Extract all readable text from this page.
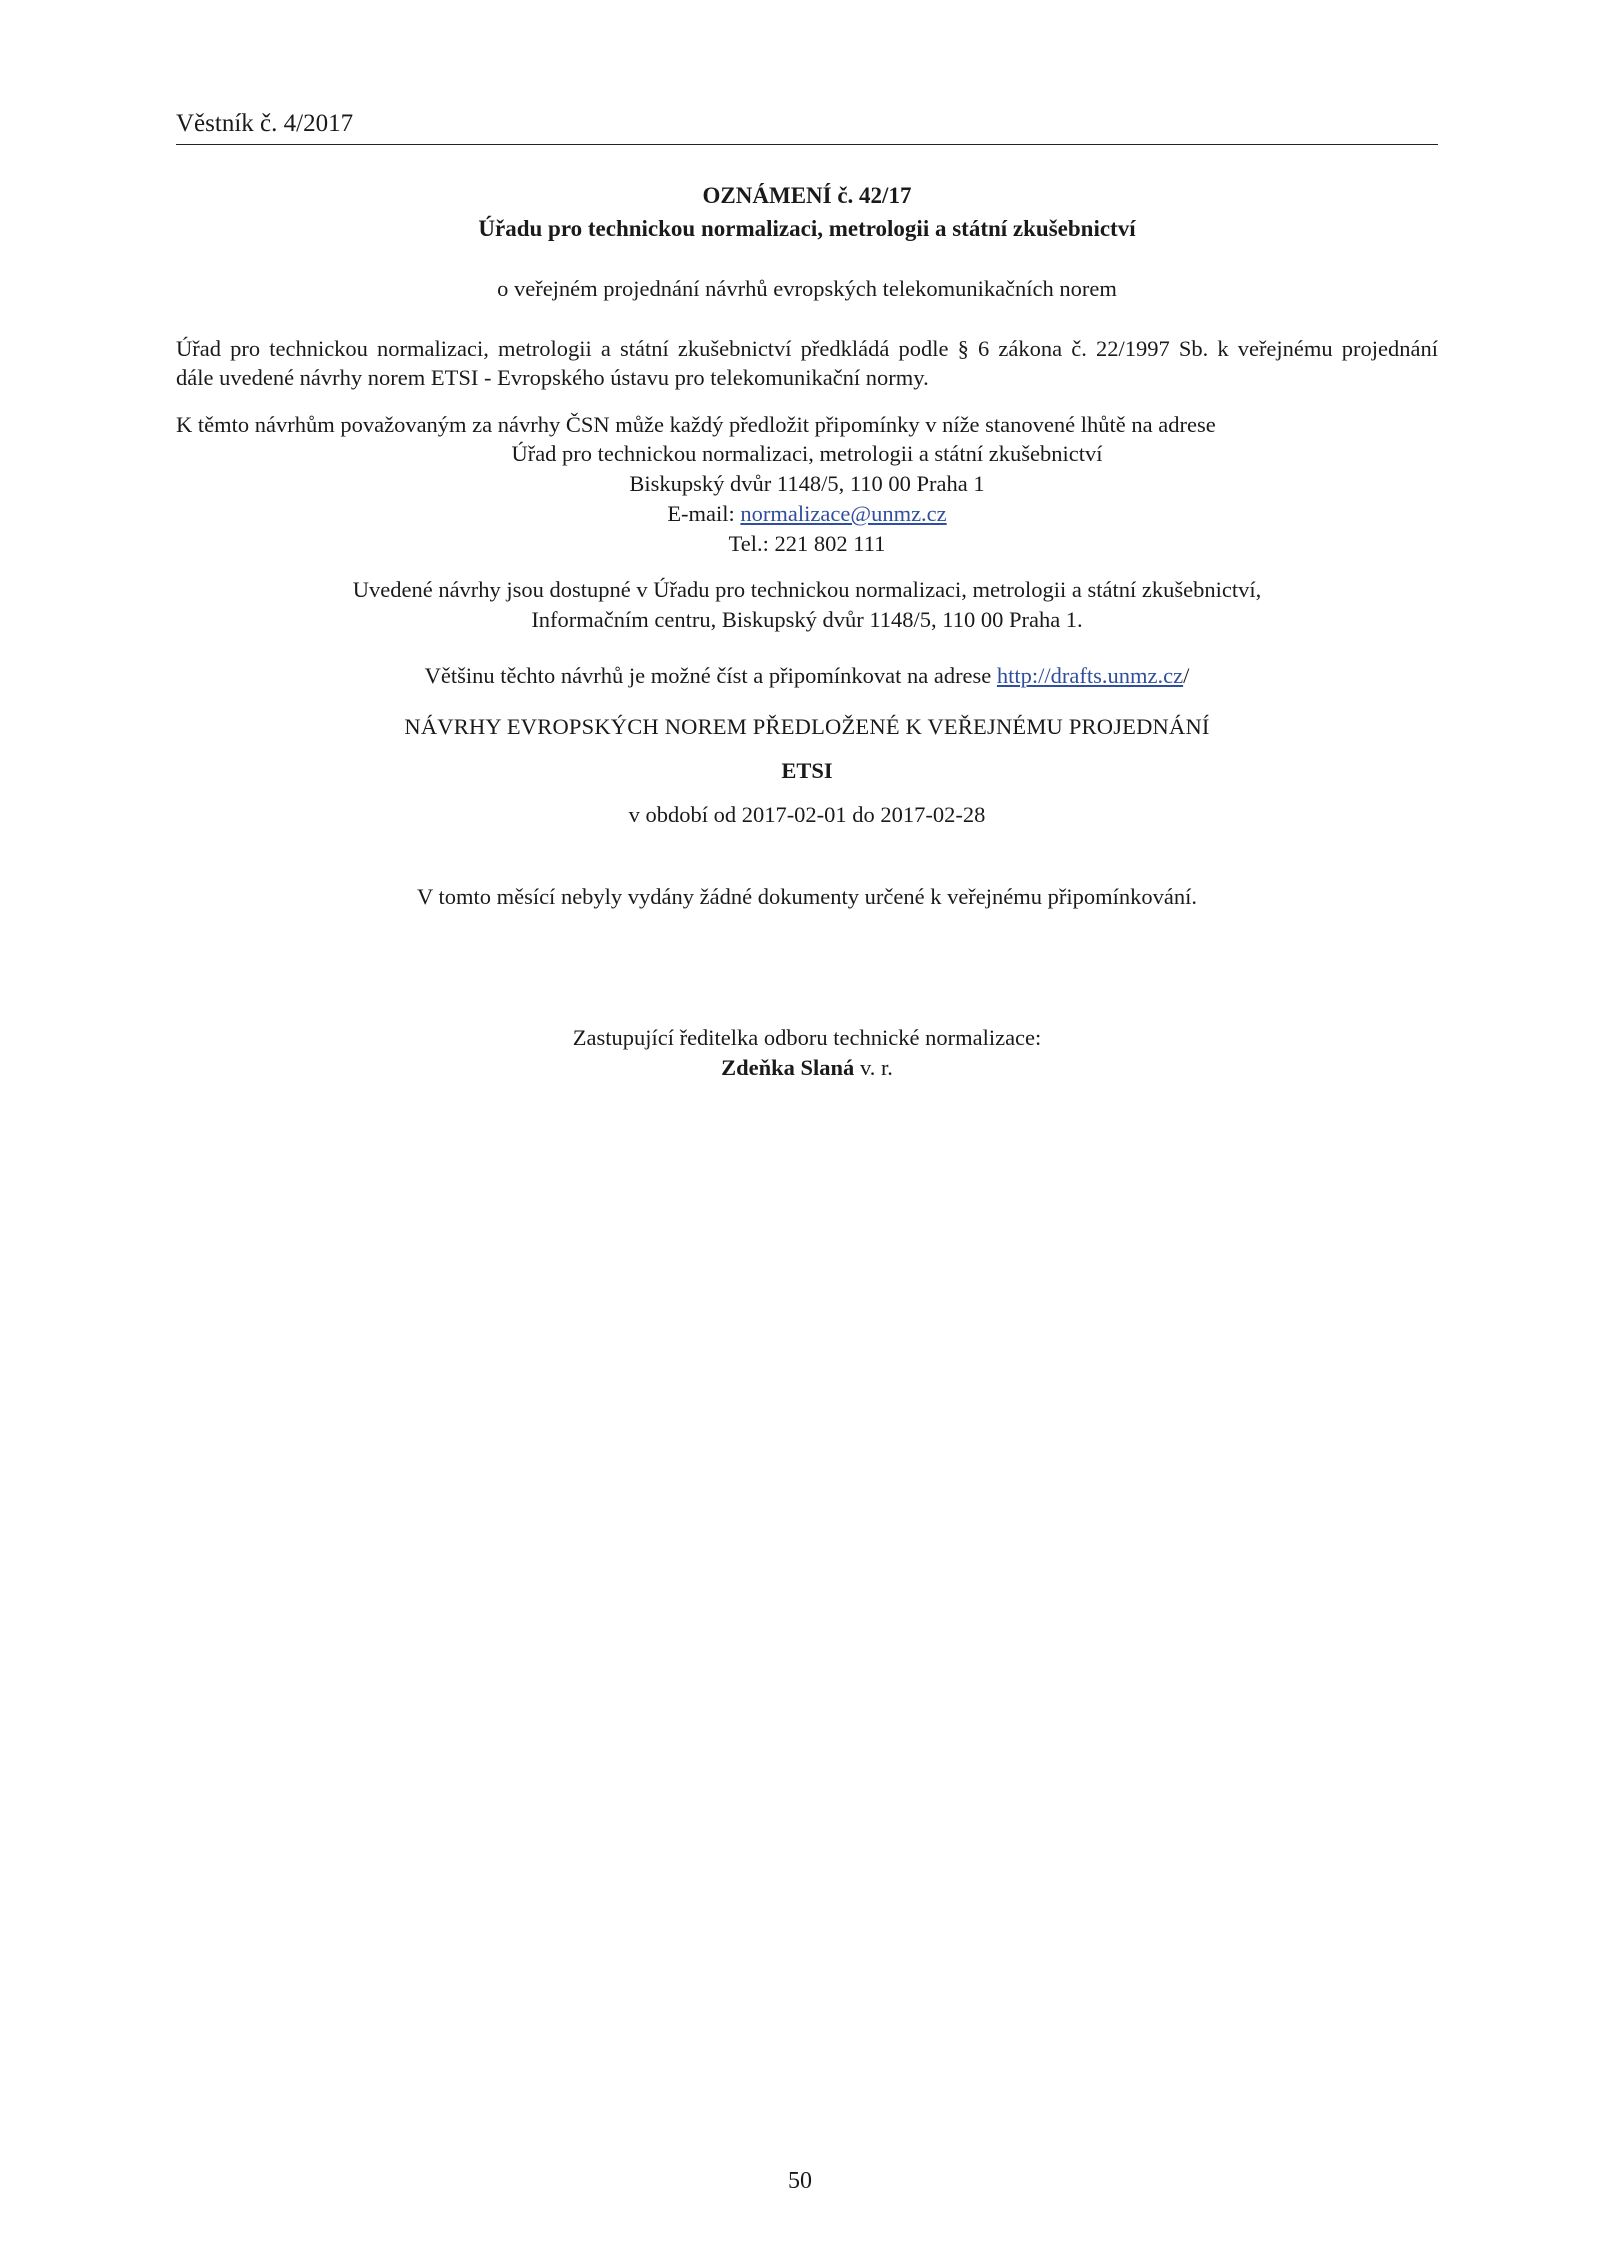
Věstník č. 4/2017
OZNÁMENÍ č. 42/17
Úřadu pro technickou normalizaci, metrologii a státní zkušebnictví
o veřejném projednání návrhů evropských telekomunikačních norem
Úřad pro technickou normalizaci, metrologii a státní zkušebnictví předkládá podle § 6 zákona č. 22/1997 Sb. k veřejnému projednání
dále uvedené návrhy norem ETSI - Evropského ústavu pro telekomunikační normy.
K těmto návrhům považovaným za návrhy ČSN může každý předložit připomínky v níže stanovené lhůtě na adrese
Úřad pro technickou normalizaci, metrologii a státní zkušebnictví
Biskupský dvůr 1148/5, 110 00 Praha 1
E-mail: normalizace@unmz.cz
Tel.: 221 802 111
Uvedené návrhy jsou dostupné v Úřadu pro technickou normalizaci, metrologii a státní zkušebnictví,
Informačním centru, Biskupský dvůr 1148/5, 110 00 Praha 1.
Většinu těchto návrhů je možné číst a připomínkovat na adrese http://drafts.unmz.cz/
NÁVRHY EVROPSKÝCH NOREM PŘEDLOŽENÉ K VEŘEJNÉMU PROJEDNÁNÍ
ETSI
v období od 2017-02-01 do 2017-02-28
V tomto měsící nebyly vydány žádné dokumenty určené k veřejnému připomínkování.
Zastupující ředitelka odboru technické normalizace:
Zdeňka Slaná v. r.
50
